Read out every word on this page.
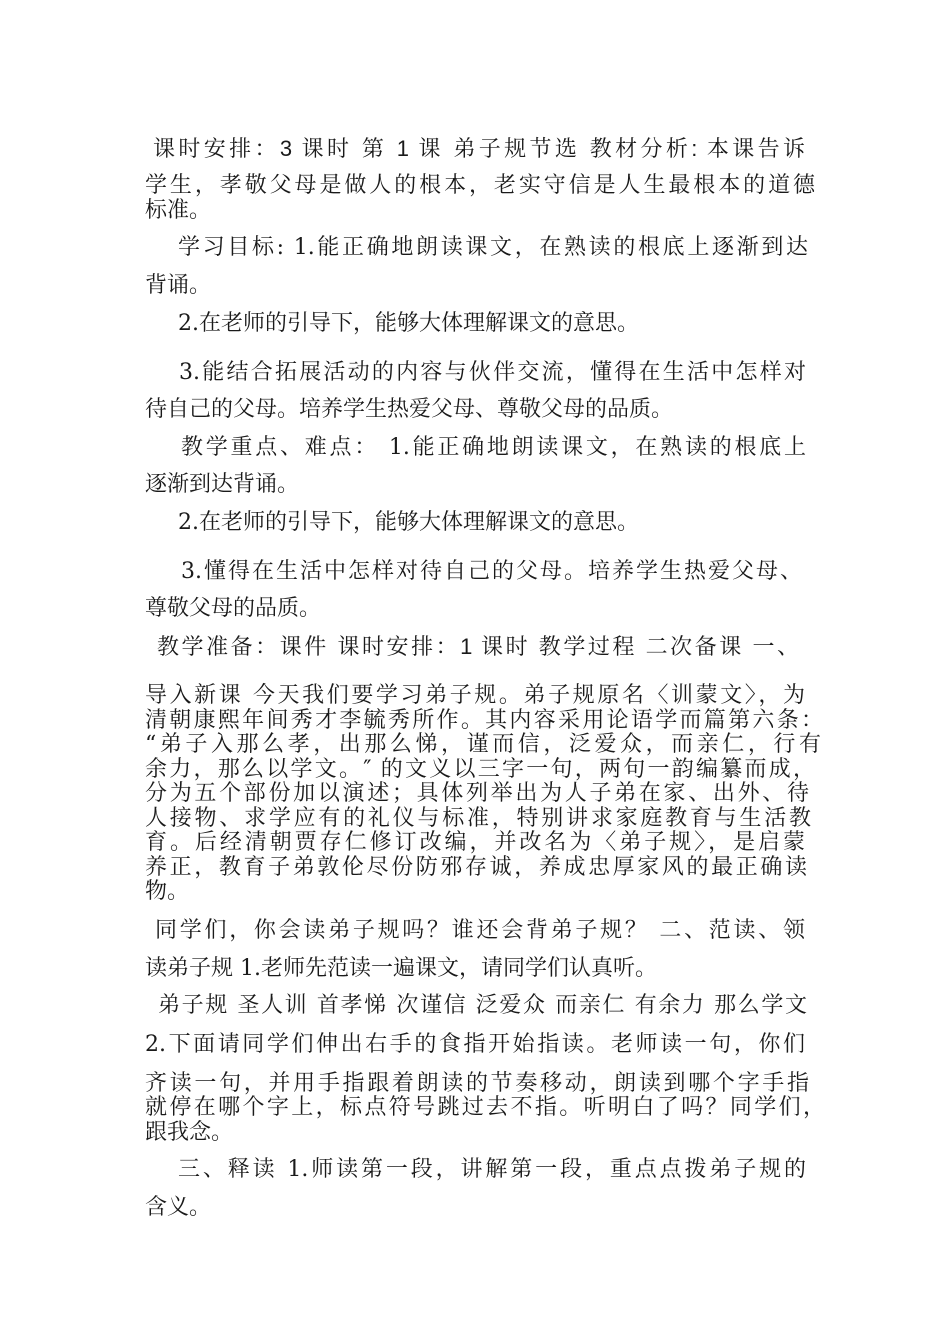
课时安排：3 课时 第 1 课 弟子规节选 教材分析: 本课告诉
学生，孝敬父母是做人的根本，老实守信是人生最根本的道德
标准。
学习目标: 1.能正确地朗读课文，在熟读的根底上逐渐到达
背诵。
2.在老师的引导下，能够大体理解课文的意思。
3.能结合拓展活动的内容与伙伴交流，懂得在生活中怎样对
待自己的父母。培养学生热爱父母、尊敬父母的品质。
教学重点、难点： 1.能正确地朗读课文，在熟读的根底上
逐渐到达背诵。
2.在老师的引导下，能够大体理解课文的意思。
3.懂得在生活中怎样对待自己的父母。培养学生热爱父母、
尊敬父母的品质。
教学准备：课件 课时安排：1 课时 教学过程 二次备课 一、
导入新课 今天我们要学习弟子规。弟子规原名〈训蒙文〉，为
清朝康熙年间秀才李毓秀所作。其内容采用论语学而篇第六条：
“弟子入那么孝，出那么悌，谨而信，泛爱众，而亲仁，行有
余力，那么以学文。″ 的文义以三字一句，两句一韵编纂而成，
分为五个部份加以演述；具体列举出为人子弟在家、出外、待
人接物、求学应有的礼仪与标准，特别讲求家庭教育与生活教
育。后经清朝贾存仁修订改编，并改名为〈弟子规〉，是启蒙
养正，教育子弟敦伦尽份防邪存诚，养成忠厚家风的最正确读
物。
同学们，你会读弟子规吗？谁还会背弟子规？ 二、范读、领
读弟子规 1.老师先范读一遍课文，请同学们认真听。
弟子规 圣人训 首孝悌 次谨信 泛爱众 而亲仁 有余力 那么学文
2.下面请同学们伸出右手的食指开始指读。老师读一句，你们
齐读一句，并用手指跟着朗读的节奏移动，朗读到哪个字手指
就停在哪个字上，标点符号跳过去不指。听明白了吗？同学们，
跟我念。
三、释读 1.师读第一段，讲解第一段，重点点拨弟子规的
含义。
